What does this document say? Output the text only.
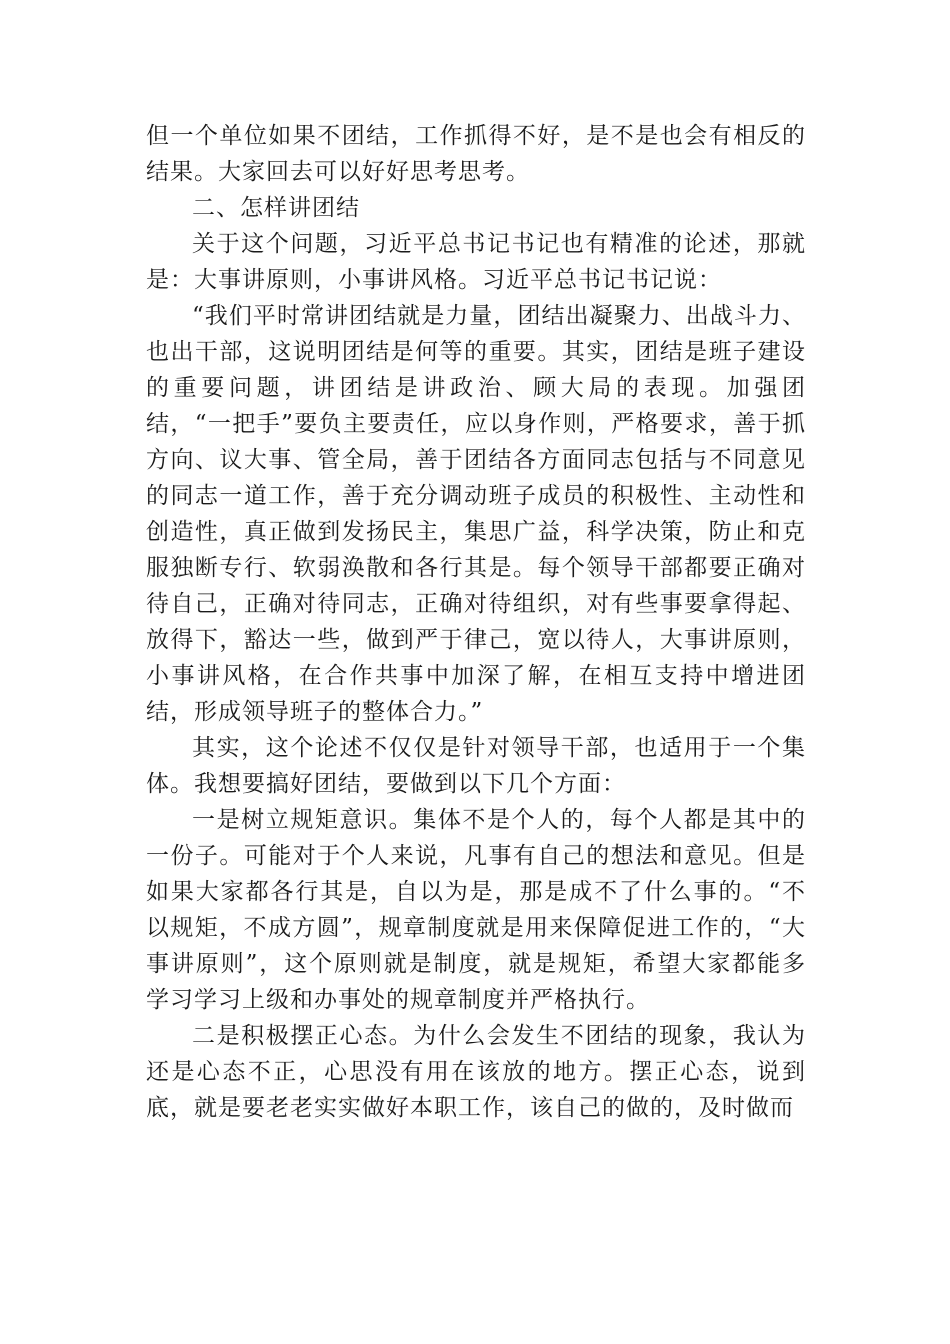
但一个单位如果不团结，工作抓得不好，是不是也会有相反的结果。大家回去可以好好思考思考。

二、怎样讲团结

关于这个问题，习近平总书记书记也有精准的论述，那就是：大事讲原则，小事讲风格。习近平总书记书记说：

“我们平时常讲团结就是力量，团结出凝聚力、出战斗力、也出干部，这说明团结是何等的重要。其实，团结是班子建设的重要问题，讲团结是讲政治、顾大局的表现。加强团结，“一把手”要负主要责任，应以身作则，严格要求，善于抓方向、议大事、管全局，善于团结各方面同志包括与不同意见的同志一道工作，善于充分调动班子成员的积极性、主动性和创造性，真正做到发扬民主，集思广益，科学决策，防止和克服独断专行、软弱涣散和各行其是。每个领导干部都要正确对待自己，正确对待同志，正确对待组织，对有些事要拿得起、放得下，豁达一些，做到严于律己，宽以待人，大事讲原则，小事讲风格，在合作共事中加深了解，在相互支持中增进团结，形成领导班子的整体合力。”

其实，这个论述不仅仅是针对领导干部，也适用于一个集体。我想要搞好团结，要做到以下几个方面：

一是树立规矩意识。集体不是个人的，每个人都是其中的一份子。可能对于个人来说，凡事有自己的想法和意见。但是如果大家都各行其是，自以为是，那是成不了什么事的。“不以规矩，不成方圆”，规章制度就是用来保障促进工作的，“大事讲原则”，这个原则就是制度，就是规矩，希望大家都能多学习学习上级和办事处的规章制度并严格执行。

二是积极摆正心态。为什么会发生不团结的现象，我认为还是心态不正，心思没有用在该放的地方。摆正心态，说到底，就是要老老实实做好本职工作，该自己的做的，及时做而
